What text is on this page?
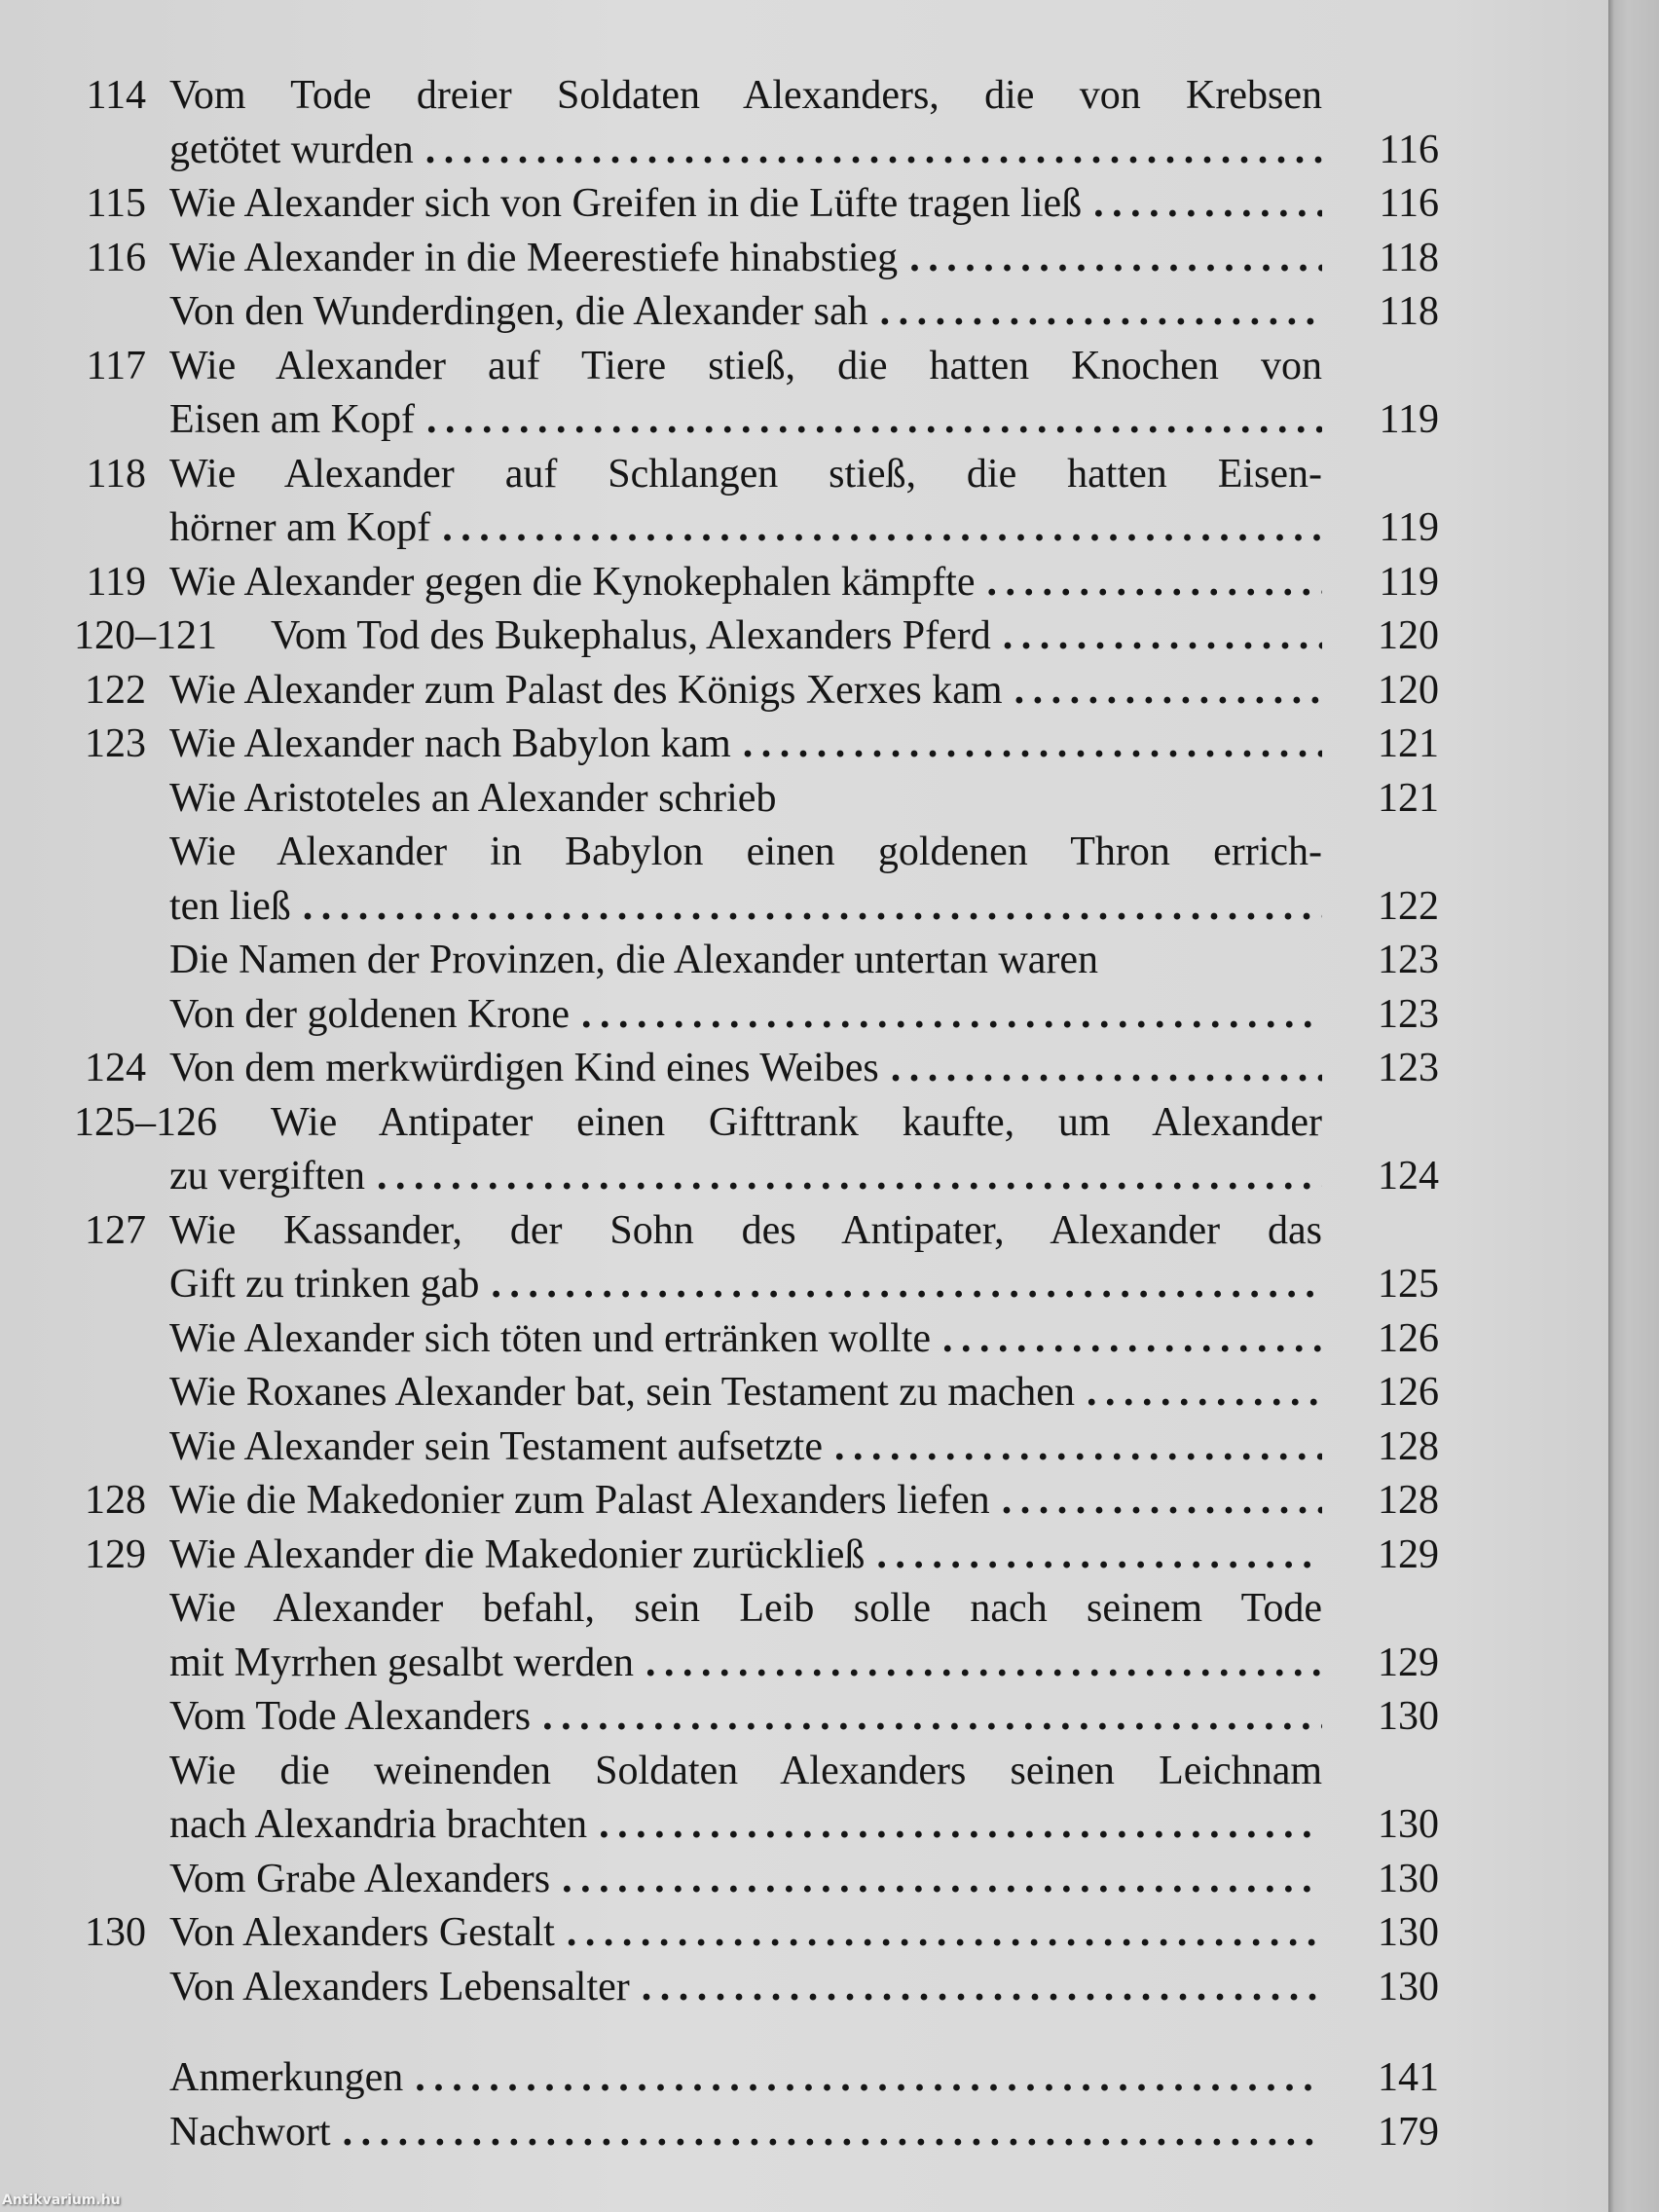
114 Vom Tode dreier Soldaten Alexanders, die von Krebsen
getötet wurden . . .	116
115 Wie Alexander sich von Greifen in die Lüfte tragen ließ . . .	116
116 Wie Alexander in die Meerestiefe hinabstieg . . .	118
Von den Wunderdingen, die Alexander sah . . .	118
117 Wie Alexander auf Tiere stieß, die hatten Knochen von
Eisen am Kopf . . .	119
118 Wie Alexander auf Schlangen stieß, die hatten Eisen-
hörner am Kopf . . .	119
119 Wie Alexander gegen die Kynokephalen kämpfte . . .	119
120–121 Vom Tod des Bukephalus, Alexanders Pferd . . .	120
122 Wie Alexander zum Palast des Königs Xerxes kam . . .	120
123 Wie Alexander nach Babylon kam . . .	121
Wie Aristoteles an Alexander schrieb	121
Wie Alexander in Babylon einen goldenen Thron errich-
ten ließ . . .	122
Die Namen der Provinzen, die Alexander untertan waren	123
Von der goldenen Krone . . .	123
124 Von dem merkwürdigen Kind eines Weibes . . .	123
125–126 Wie Antipater einen Gifttrank kaufte, um Alexander
zu vergiften . . .	124
127 Wie Kassander, der Sohn des Antipater, Alexander das
Gift zu trinken gab . . .	125
Wie Alexander sich töten und ertränken wollte . . .	126
Wie Roxanes Alexander bat, sein Testament zu machen . . .	126
Wie Alexander sein Testament aufsetzte . . .	128
128 Wie die Makedonier zum Palast Alexanders liefen . . .	128
129 Wie Alexander die Makedonier zurückließ . . .	129
Wie Alexander befahl, sein Leib solle nach seinem Tode
mit Myrrhen gesalbt werden . . .	129
Vom Tode Alexanders . . .	130
Wie die weinenden Soldaten Alexanders seinen Leichnam
nach Alexandria brachten . . .	130
Vom Grabe Alexanders . . .	130
130 Von Alexanders Gestalt . . .	130
Von Alexanders Lebensalter . . .	130
Anmerkungen . . .	141
Nachwort . . .	179
Antikvarium.hu
